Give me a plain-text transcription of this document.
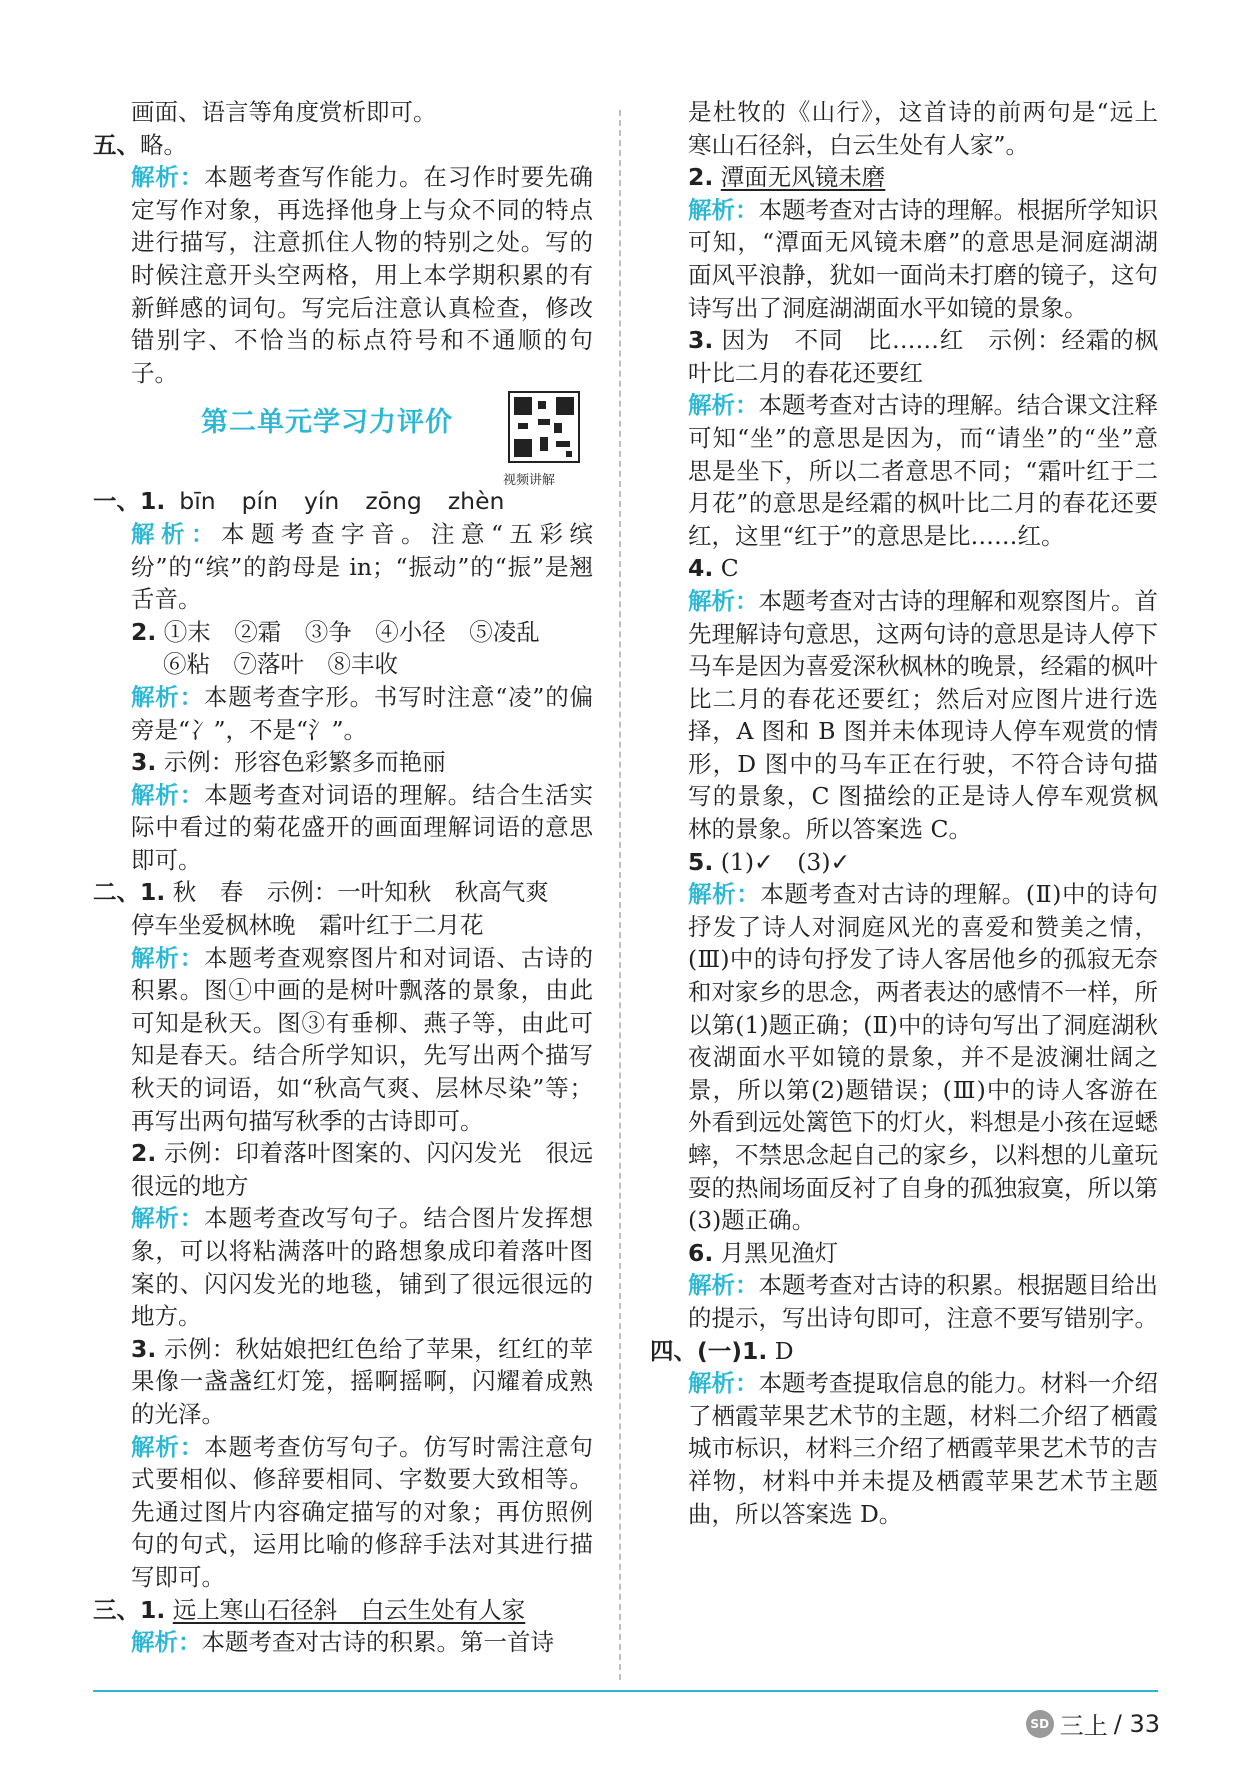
画面、语言等角度赏析即可。

五、略。

解析：本题考查写作能力。在习作时要先确定写作对象，再选择他身上与众不同的特点进行描写，注意抓住人物的特别之处。写的时候注意开头空两格，用上本学期积累的有新鲜感的词句。写完后注意认真检查，修改错别字、不恰当的标点符号和不通顺的句子。

第二单元学习力评价
视频讲解

一、1. bīn pín yín zōng zhèn

解析：本题考查字音。注意“五彩缤纷”的“缤”的韵母是 in；“振动”的“振”是翘舌音。

2. ①末　②霜　③争　④小径　⑤凌乱

⑥粘　⑦落叶　⑧丰收

解析：本题考查字形。书写时注意“凌”的偏旁是“冫”，不是“氵”。

3. 示例：形容色彩繁多而艳丽

解析：本题考查对词语的理解。结合生活实际中看过的菊花盛开的画面理解词语的意思即可。

二、1. 秋　春　示例：一叶知秋　秋高气爽

停车坐爱枫林晚　霜叶红于二月花

解析：本题考查观察图片和对词语、古诗的积累。图①中画的是树叶飘落的景象，由此可知是秋天。图③有垂柳、燕子等，由此可知是春天。结合所学知识，先写出两个描写秋天的词语，如“秋高气爽、层林尽染”等；再写出两句描写秋季的古诗即可。

2. 示例：印着落叶图案的、闪闪发光　很远很远的地方

解析：本题考查改写句子。结合图片发挥想象，可以将粘满落叶的路想象成印着落叶图案的、闪闪发光的地毯，铺到了很远很远的地方。

3. 示例：秋姑娘把红色给了苹果，红红的苹果像一盏盏红灯笼，摇啊摇啊，闪耀着成熟的光泽。

解析：本题考查仿写句子。仿写时需注意句式要相似、修辞要相同、字数要大致相等。先通过图片内容确定描写的对象；再仿照例句的句式，运用比喻的修辞手法对其进行描写即可。

三、1. 远上寒山石径斜　白云生处有人家

解析：本题考查对古诗的积累。第一首诗

是杜牧的《山行》，这首诗的前两句是“远上寒山石径斜，白云生处有人家”。

2. 潭面无风镜未磨

解析：本题考查对古诗的理解。根据所学知识可知，“潭面无风镜未磨”的意思是洞庭湖湖面风平浪静，犹如一面尚未打磨的镜子，这句诗写出了洞庭湖湖面水平如镜的景象。

3. 因为　不同　比……红　示例：经霜的枫叶比二月的春花还要红

解析：本题考查对古诗的理解。结合课文注释可知“坐”的意思是因为，而“请坐”的“坐”意思是坐下，所以二者意思不同；“霜叶红于二月花”的意思是经霜的枫叶比二月的春花还要红，这里“红于”的意思是比……红。

4. C

解析：本题考查对古诗的理解和观察图片。首先理解诗句意思，这两句诗的意思是诗人停下马车是因为喜爱深秋枫林的晚景，经霜的枫叶比二月的春花还要红；然后对应图片进行选择，A 图和 B 图并未体现诗人停车观赏的情形，D 图中的马车正在行驶，不符合诗句描写的景象，C 图描绘的正是诗人停车观赏枫林的景象。所以答案选 C。

5. (1)✓　(3)✓

解析：本题考查对古诗的理解。(Ⅱ)中的诗句抒发了诗人对洞庭风光的喜爱和赞美之情，(Ⅲ)中的诗句抒发了诗人客居他乡的孤寂无奈和对家乡的思念，两者表达的感情不一样，所以第(1)题正确；(Ⅱ)中的诗句写出了洞庭湖秋夜湖面水平如镜的景象，并不是波澜壮阔之景，所以第(2)题错误；(Ⅲ)中的诗人客游在外看到远处篱笆下的灯火，料想是小孩在逗蟋蟀，不禁思念起自己的家乡，以料想的儿童玩耍的热闹场面反衬了自身的孤独寂寞，所以第(3)题正确。

6. 月黑见渔灯

解析：本题考查对古诗的积累。根据题目给出的提示，写出诗句即可，注意不要写错别字。

四、(一)1. D

解析：本题考查提取信息的能力。材料一介绍了栖霞苹果艺术节的主题，材料二介绍了栖霞城市标识，材料三介绍了栖霞苹果艺术节的吉祥物，材料中并未提及栖霞苹果艺术节主题曲，所以答案选 D。

SD 三上 / 33
